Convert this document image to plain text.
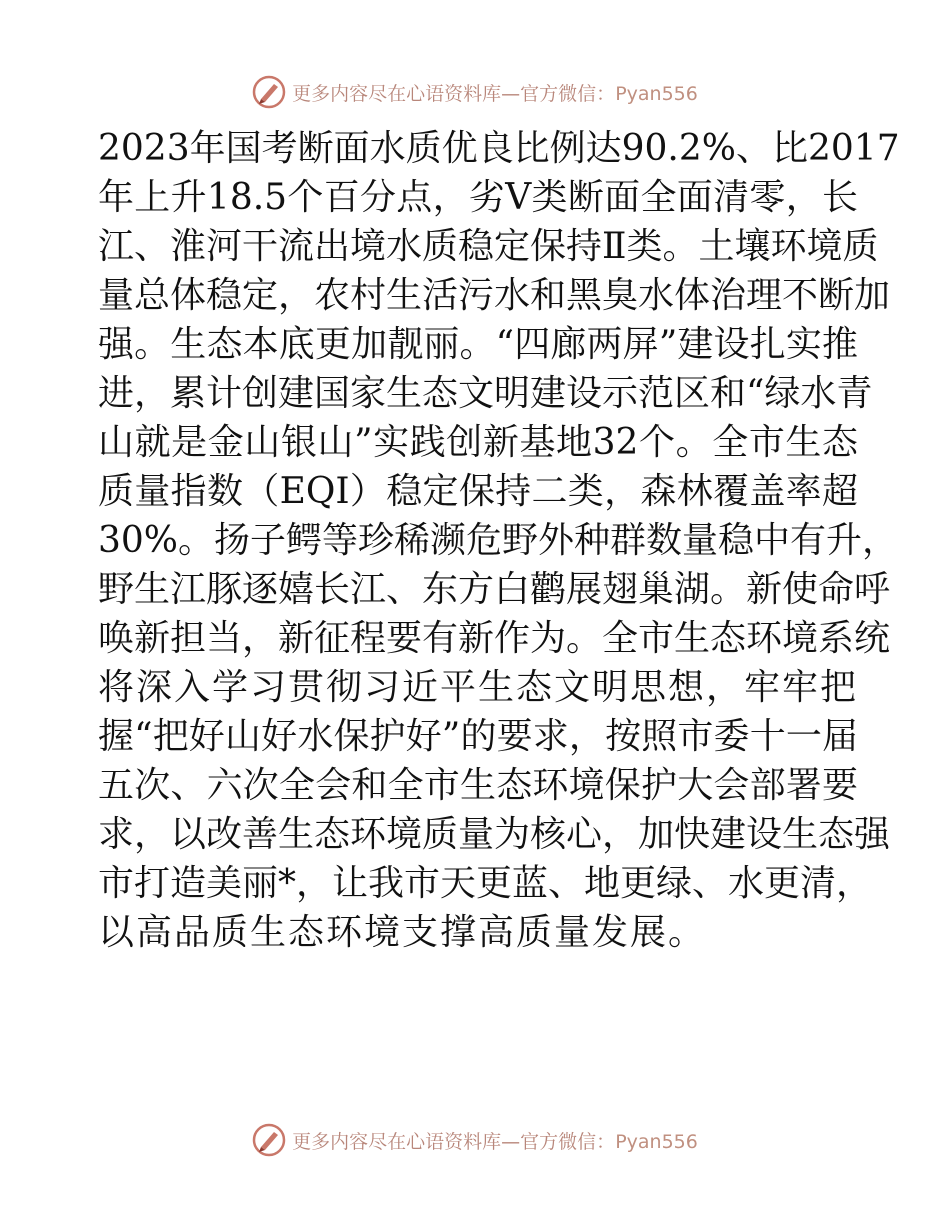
更多内容尽在心语资料库—官方微信：Pyan556
2023年国考断面水质优良比例达90.2%、比2017
年上升18.5个百分点，劣Ⅴ类断面全面清零，长
江、淮河干流出境水质稳定保持Ⅱ类。土壤环境质
量总体稳定，农村生活污水和黑臭水体治理不断加
强。生态本底更加靓丽。“四廊两屏”建设扎实推
进，累计创建国家生态文明建设示范区和“绿水青
山就是金山银山”实践创新基地32个。全市生态
质量指数（EQI）稳定保持二类，森林覆盖率超
30%。扬子鳄等珍稀濒危野外种群数量稳中有升，
野生江豚逐嬉长江、东方白鹳展翅巢湖。新使命呼
唤新担当，新征程要有新作为。全市生态环境系统
将深入学习贯彻习近平生态文明思想，牢牢把
握“把好山好水保护好”的要求，按照市委十一届
五次、六次全会和全市生态环境保护大会部署要
求，以改善生态环境质量为核心，加快建设生态强
市打造美丽*，让我市天更蓝、地更绿、水更清，
以高品质生态环境支撑高质量发展。
更多内容尽在心语资料库—官方微信：Pyan556
